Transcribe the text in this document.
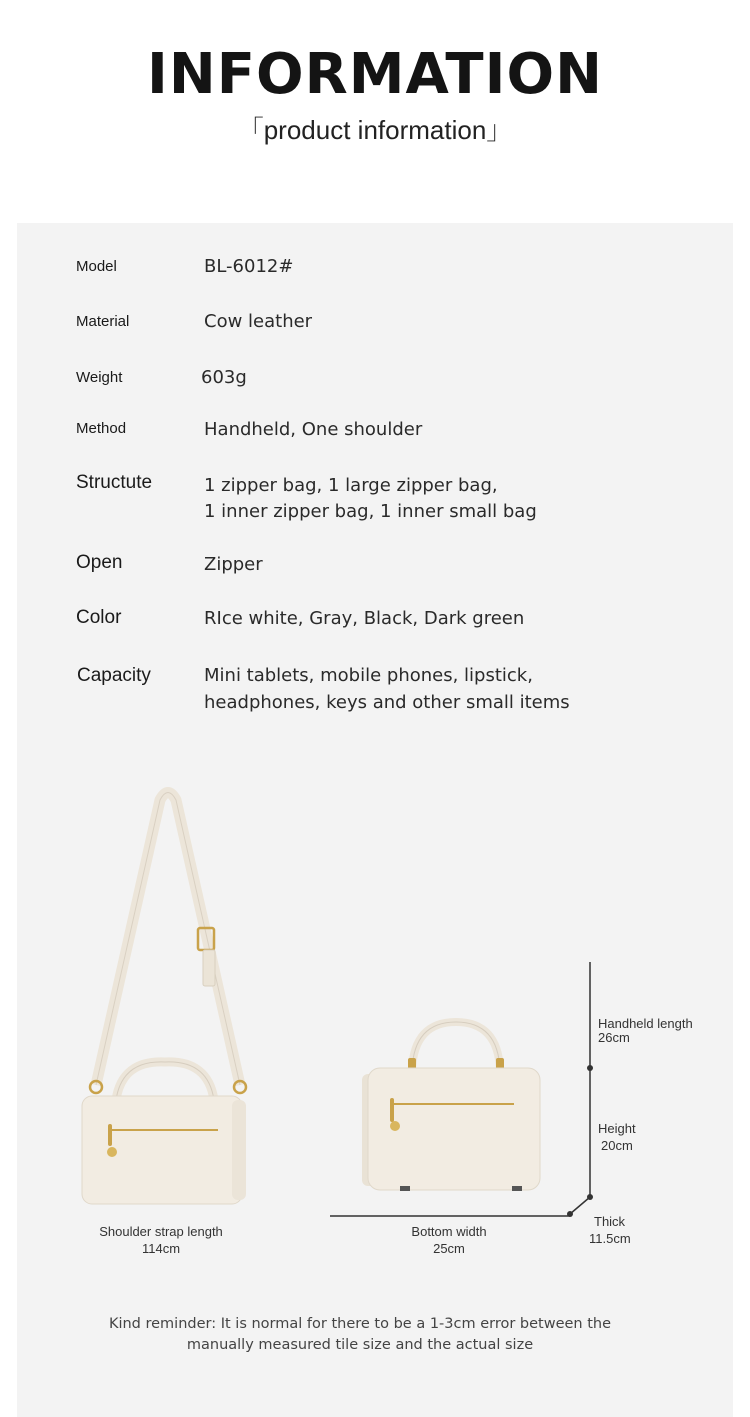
INFORMATION
「product information」
Model	BL-6012#
Material	Cow leather
Weight	603g
Method	Handheld, One shoulder
Structute	1 zipper bag, 1 large zipper bag,
1 inner zipper bag, 1 inner small bag
Open	Zipper
Color	RIce white, Gray, Black, Dark green
Capacity	Mini tablets, mobile phones, lipstick,
headphones, keys and other small items
Shoulder strap length
114cm
Bottom width
25cm
Handheld length
26cm
Height
20cm
Thick
11.5cm
Kind reminder: It is normal for there to be a 1-3cm error between the
manually measured tile size and the actual size
